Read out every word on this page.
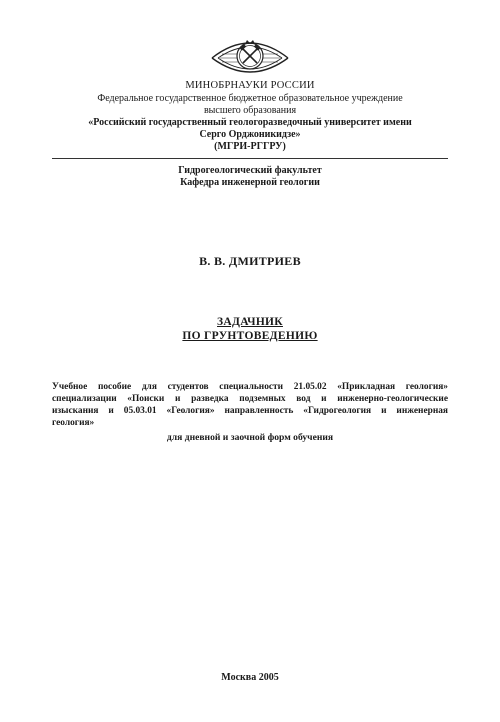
МИНОБРНАУКИ РОССИИ
Федеральное государственное бюджетное образовательное учреждение
высшего образования
«Российский государственный геологоразведочный университет имени
Серго Орджоникидзе»
(МГРИ-РГГРУ)
Гидрогеологический факультет
Кафедра инженерной геологии
В. В. ДМИТРИЕВ
ЗАДАЧНИК
ПО ГРУНТОВЕДЕНИЮ
Учебное пособие для студентов специальности 21.05.02 «Прикладная геология»
специализации «Поиски и разведка подземных вод и инженерно-геологические
изыскания и 05.03.01 «Геология» направленность «Гидрогеология и инженерная
геология»
для дневной и заочной форм обучения
Москва 2005
